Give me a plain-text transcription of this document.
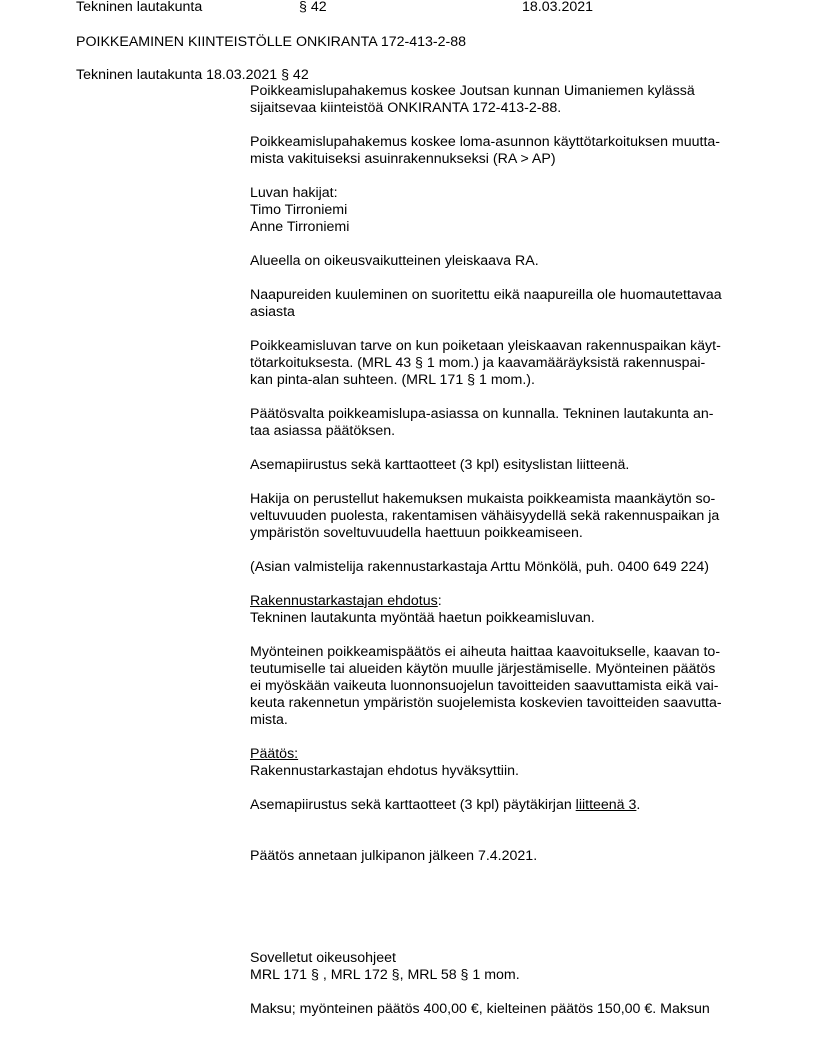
Tekninen lautakunta	§ 42	18.03.2021
POIKKEAMINEN KIINTEISTÖLLE ONKIRANTA 172-413-2-88
Tekninen lautakunta 18.03.2021 § 42

Poikkeamislupahakemus koskee Joutsan kunnan Uimaniemen kylässä
sijaitsevaa kiinteistöä ONKIRANTA 172-413-2-88.

Poikkeamislupahakemus koskee loma-asunnon käyttötarkoituksen muutta-
mista vakituiseksi asuinrakennukseksi (RA > AP)

Luvan hakijat:
Timo Tirroniemi
Anne Tirroniemi

Alueella on oikeusvaikutteinen yleiskaava RA.

Naapureiden kuuleminen on suoritettu eikä naapureilla ole huomautettavaa
asiasta

Poikkeamisluvan tarve on kun poiketaan yleiskaavan rakennuspaikan käyt-
tötarkoituksesta. (MRL 43 § 1 mom.) ja kaavamääräyksistä rakennuspai-
kan pinta-alan suhteen. (MRL 171 § 1 mom.).

Päätösvalta poikkeamislupa-asiassa on kunnalla. Tekninen lautakunta an-
taa asiassa päätöksen.

Asemapiirustus sekä karttaotteet (3 kpl) esityslistan liitteenä.

Hakija on perustellut hakemuksen mukaista poikkeamista maankäytön so-
veltuvuuden puolesta, rakentamisen vähäisyydellä sekä rakennuspaikan ja
ympäristön soveltuvuudella haettuun poikkeamiseen.

(Asian valmistelija rakennustarkastaja Arttu Mönkölä, puh. 0400 649 224)

Rakennustarkastajan ehdotus:
Tekninen lautakunta myöntää haetun poikkeamisluvan.

Myönteinen poikkeamispäätös ei aiheuta haittaa kaavoitukselle, kaavan to-
teutumiselle tai alueiden käytön muulle järjestämiselle. Myönteinen päätös
ei myöskään vaikeuta luonnonsuojelun tavoitteiden saavuttamista eikä vai-
keuta rakennetun ympäristön suojelemista koskevien tavoitteiden saavutta-
mista.

Päätös:
Rakennustarkastajan ehdotus hyväksyttiin.

Asemapiirustus sekä karttaotteet (3 kpl) päytäkirjan liitteenä 3.

Päätös annetaan julkipanon jälkeen 7.4.2021.

Sovelletut oikeusohjeet
MRL 171 § , MRL 172 §, MRL 58 § 1 mom.

Maksu; myönteinen päätös 400,00 €, kielteinen päätös 150,00 €. Maksun
